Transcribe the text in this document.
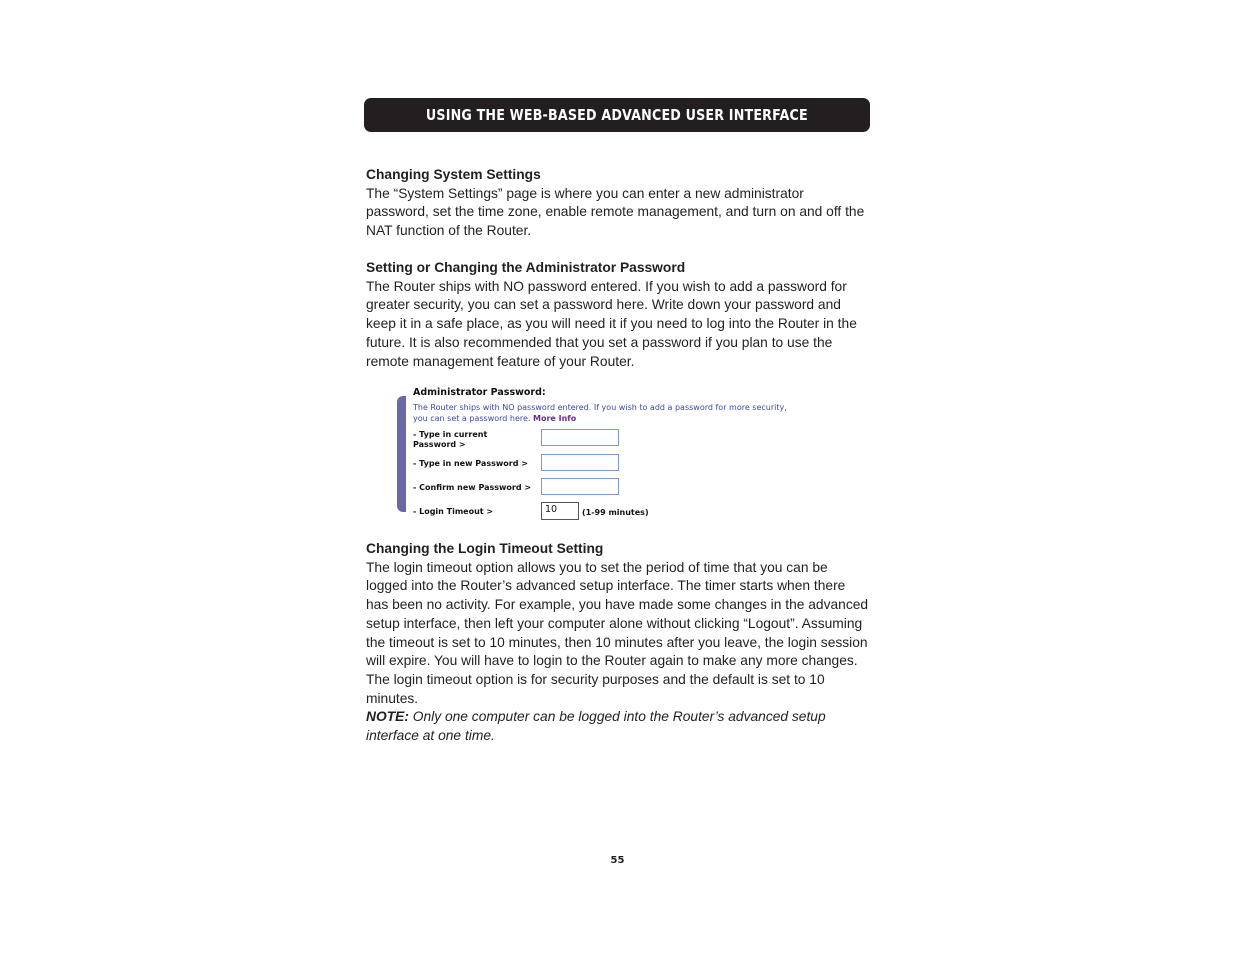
USING THE WEB-BASED ADVANCED USER INTERFACE
Changing System Settings

The “System Settings” page is where you can enter a new administrator password, set the time zone, enable remote management, and turn on and off the NAT function of the Router.

Setting or Changing the Administrator Password

The Router ships with NO password entered. If you wish to add a password for greater security, you can set a password here. Write down your password and keep it in a safe place, as you will need it if you need to log into the Router in the future. It is also recommended that you set a password if you plan to use the remote management feature of your Router.

Administrator Password:
The Router ships with NO password entered. If you wish to add a password for more security, you can set a password here. More Info
- Type in current
Password >
- Type in new Password >
- Confirm new Password >
- Login Timeout >	10	(1-99 minutes)
Changing the Login Timeout Setting

The login timeout option allows you to set the period of time that you can be logged into the Router’s advanced setup interface. The timer starts when there has been no activity. For example, you have made some changes in the advanced setup interface, then left your computer alone without clicking “Logout”. Assuming the timeout is set to 10 minutes, then 10 minutes after you leave, the login session will expire. You will have to login to the Router again to make any more changes. The login timeout option is for security purposes and the default is set to 10 minutes.
NOTE: Only one computer can be logged into the Router’s advanced setup interface at one time.

55
